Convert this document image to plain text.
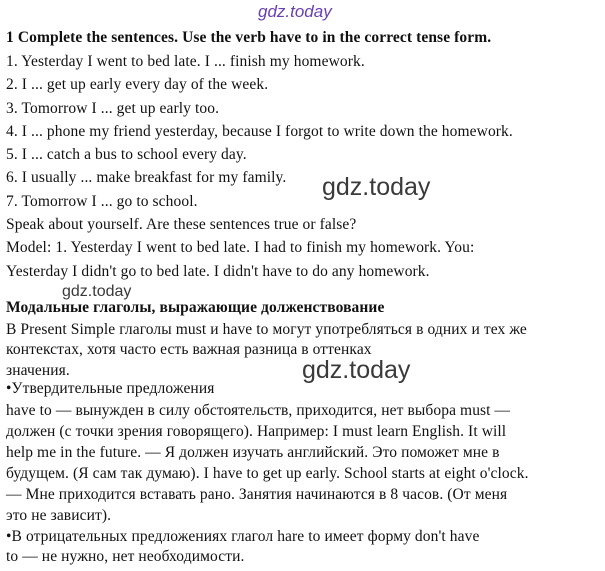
gdz.today
1 Complete the sentences. Use the verb have to in the correct tense form.
1. Yesterday I went to bed late. I ... finish my homework.
2. I ... get up early every day of the week.
3. Tomorrow I ... get up early too.
4. I ... phone my friend yesterday, because I forgot to write down the homework.
5. I ... catch a bus to school every day.
6. I usually ... make breakfast for my family.
7. Tomorrow I ... go to school.
Speak about yourself. Are these sentences true or false?
Model: 1. Yesterday I went to bed late. I had to finish my homework. You:
Yesterday I didn't go to bed late. I didn't have to do any homework.
Модальные глаголы, выражающие долженствование
В Present Simple глаголы must и have to могут употребляться в одних и тех же
контекстах, хотя часто есть важная разница в оттенках
значения.
•Утвердительные предложения
have to — вынужден в силу обстоятельств, приходится, нет выбора must —
должен (с точки зрения говорящего). Например: I must learn English. It will
help me in the future. — Я должен изучать английский. Это поможет мне в
будущем. (Я сам так думаю). I have to get up early. School starts at eight o'clock.
— Мне приходится вставать рано. Занятия начинаются в 8 часов. (От меня
это не зависит).
•В отрицательных предложениях глагол hare to имеет форму don't have
to — не нужно, нет необходимости.
gdz.today
gdz.today
gdz.today
